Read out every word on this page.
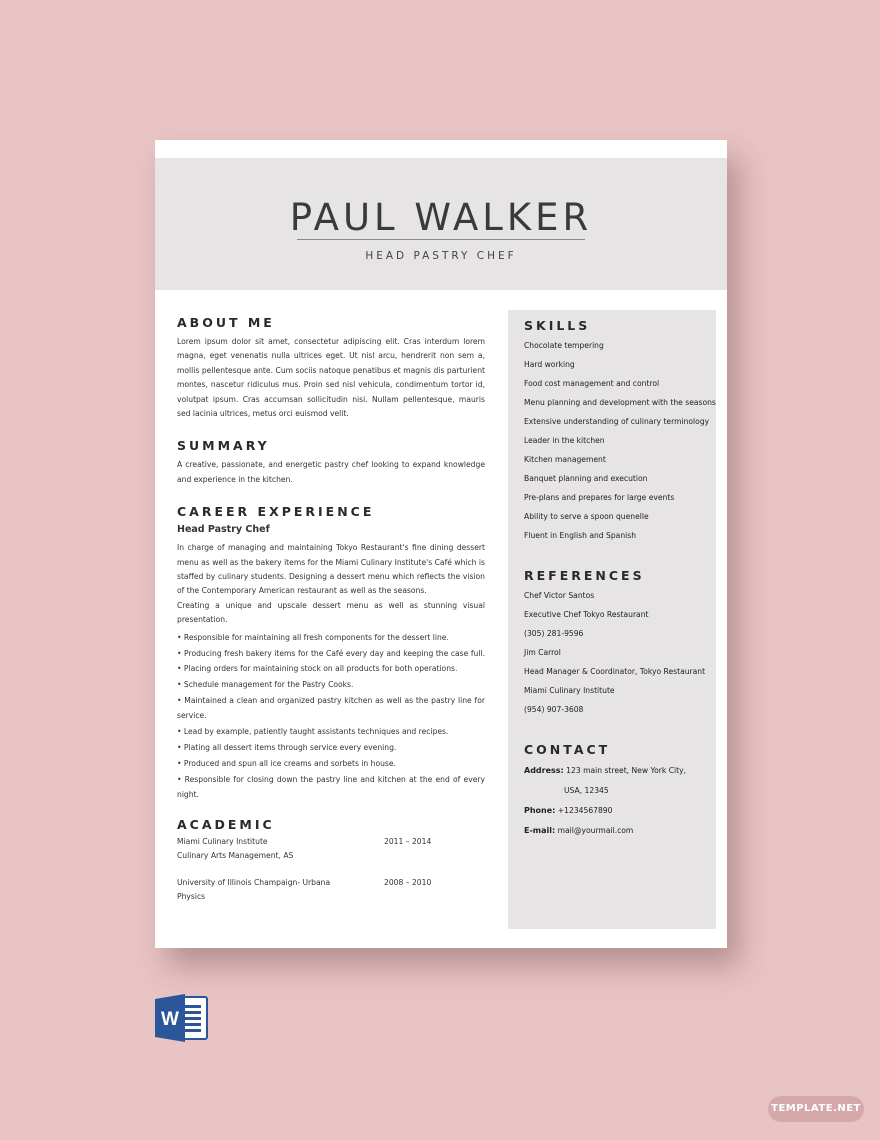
PAUL WALKER
HEAD PASTRY CHEF
ABOUT ME

Lorem ipsum dolor sit amet, consectetur adipiscing elit. Cras interdum lorem magna, eget venenatis nulla ultrices eget. Ut nisl arcu, hendrerit non sem a, mollis pellentesque ante. Cum sociis natoque penatibus et magnis dis parturient montes, nascetur ridiculus mus. Proin sed nisl vehicula, condimentum tortor id, volutpat ipsum. Cras accumsan sollicitudin nisi. Nullam pellentesque, mauris sed lacinia ultrices, metus orci euismod velit.

SUMMARY

A creative, passionate, and energetic pastry chef looking to expand knowledge and experience in the kitchen.

CAREER EXPERIENCE

Head Pastry Chef

In charge of managing and maintaining Tokyo Restaurant's fine dining dessert menu as well as the bakery items for the Miami Culinary Institute's Café which is staffed by culinary students. Designing a dessert menu which reflects the vision of the Contemporary American restaurant as well as the seasons.

Creating a unique and upscale dessert menu as well as stunning visual presentation.

• Responsible for maintaining all fresh components for the dessert line.

• Producing fresh bakery items for the Café every day and keeping the case full. • Placing orders for maintaining stock on all products for both operations.

• Schedule management for the Pastry Cooks.

• Maintained a clean and organized pastry kitchen as well as the pastry line for service.

• Lead by example, patiently taught assistants techniques and recipes.

• Plating all dessert items through service every evening.

• Produced and spun all ice creams and sorbets in house.

• Responsible for closing down the pastry line and kitchen at the end of every night.

ACADEMIC
Miami Culinary Institute	2011 – 2014
Culinary Arts Management, AS
University of Illinois Champaign- Urbana	2008 – 2010
Physics
SKILLS
Chocolate tempering
Hard working
Food cost management and control
Menu planning and development with the seasons
Extensive understanding of culinary terminology
Leader in the kitchen
Kitchen management
Banquet planning and execution
Pre-plans and prepares for large events
Ability to serve a spoon quenelle
Fluent in English and Spanish
REFERENCES
Chef Victor Santos
Executive Chef Tokyo Restaurant
(305) 281-9596
Jim Carrol
Head Manager & Coordinator, Tokyo Restaurant
Miami Culinary Institute
(954) 907-3608
CONTACT
Address: 123 main street, New York City,
USA, 12345
Phone: +1234567890
E-mail: mail@yourmail.com
W
TEMPLATE.NET
